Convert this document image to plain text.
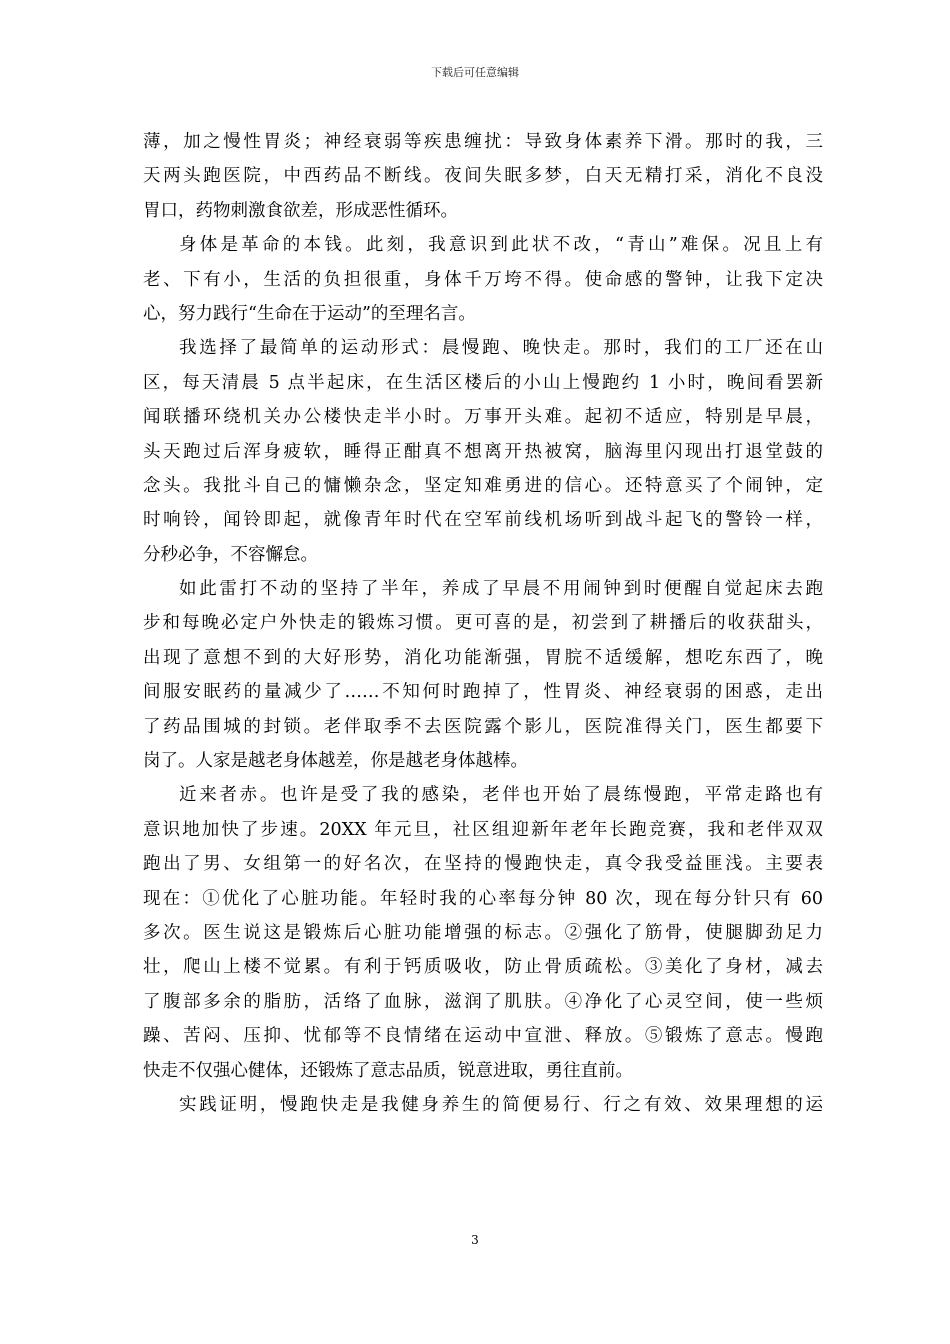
下载后可任意编辑
薄，加之慢性胃炎；神经衰弱等疾患缠扰：导致身体素养下滑。那时的我，三
天两头跑医院，中西药品不断线。夜间失眠多梦，白天无精打采，消化不良没
胃口，药物刺激食欲差，形成恶性循环。
身体是革命的本钱。此刻，我意识到此状不改，“青山”难保。况且上有
老、下有小，生活的负担很重，身体千万垮不得。使命感的警钟，让我下定决
心，努力践行“生命在于运动”的至理名言。
我选择了最简单的运动形式：晨慢跑、晚快走。那时，我们的工厂还在山
区，每天清晨 5 点半起床，在生活区楼后的小山上慢跑约 1 小时，晚间看罢新
闻联播环绕机关办公楼快走半小时。万事开头难。起初不适应，特别是早晨，
头天跑过后浑身疲软，睡得正酣真不想离开热被窝，脑海里闪现出打退堂鼓的
念头。我批斗自己的慵懒杂念，坚定知难勇进的信心。还特意买了个闹钟，定
时响铃，闻铃即起，就像青年时代在空军前线机场听到战斗起飞的警铃一样，
分秒必争，不容懈怠。
如此雷打不动的坚持了半年，养成了早晨不用闹钟到时便醒自觉起床去跑
步和每晚必定户外快走的锻炼习惯。更可喜的是，初尝到了耕播后的收获甜头，
出现了意想不到的大好形势，消化功能渐强，胃脘不适缓解，想吃东西了，晚
间服安眠药的量减少了……不知何时跑掉了，性胃炎、神经衰弱的困惑，走出
了药品围城的封锁。老伴取季不去医院露个影儿，医院准得关门，医生都要下
岗了。人家是越老身体越差，你是越老身体越棒。
近来者赤。也许是受了我的感染，老伴也开始了晨练慢跑，平常走路也有
意识地加快了步速。20XX 年元旦，社区组迎新年老年长跑竞赛，我和老伴双双
跑出了男、女组第一的好名次，在坚持的慢跑快走，真令我受益匪浅。主要表
现在：①优化了心脏功能。年轻时我的心率每分钟 80 次，现在每分针只有 60
多次。医生说这是锻炼后心脏功能增强的标志。②强化了筋骨，使腿脚劲足力
壮，爬山上楼不觉累。有利于钙质吸收，防止骨质疏松。③美化了身材，减去
了腹部多余的脂肪，活络了血脉，滋润了肌肤。④净化了心灵空间，使一些烦
躁、苦闷、压抑、忧郁等不良情绪在运动中宣泄、释放。⑤锻炼了意志。慢跑
快走不仅强心健体，还锻炼了意志品质，锐意进取，勇往直前。
实践证明，慢跑快走是我健身养生的简便易行、行之有效、效果理想的运
3
